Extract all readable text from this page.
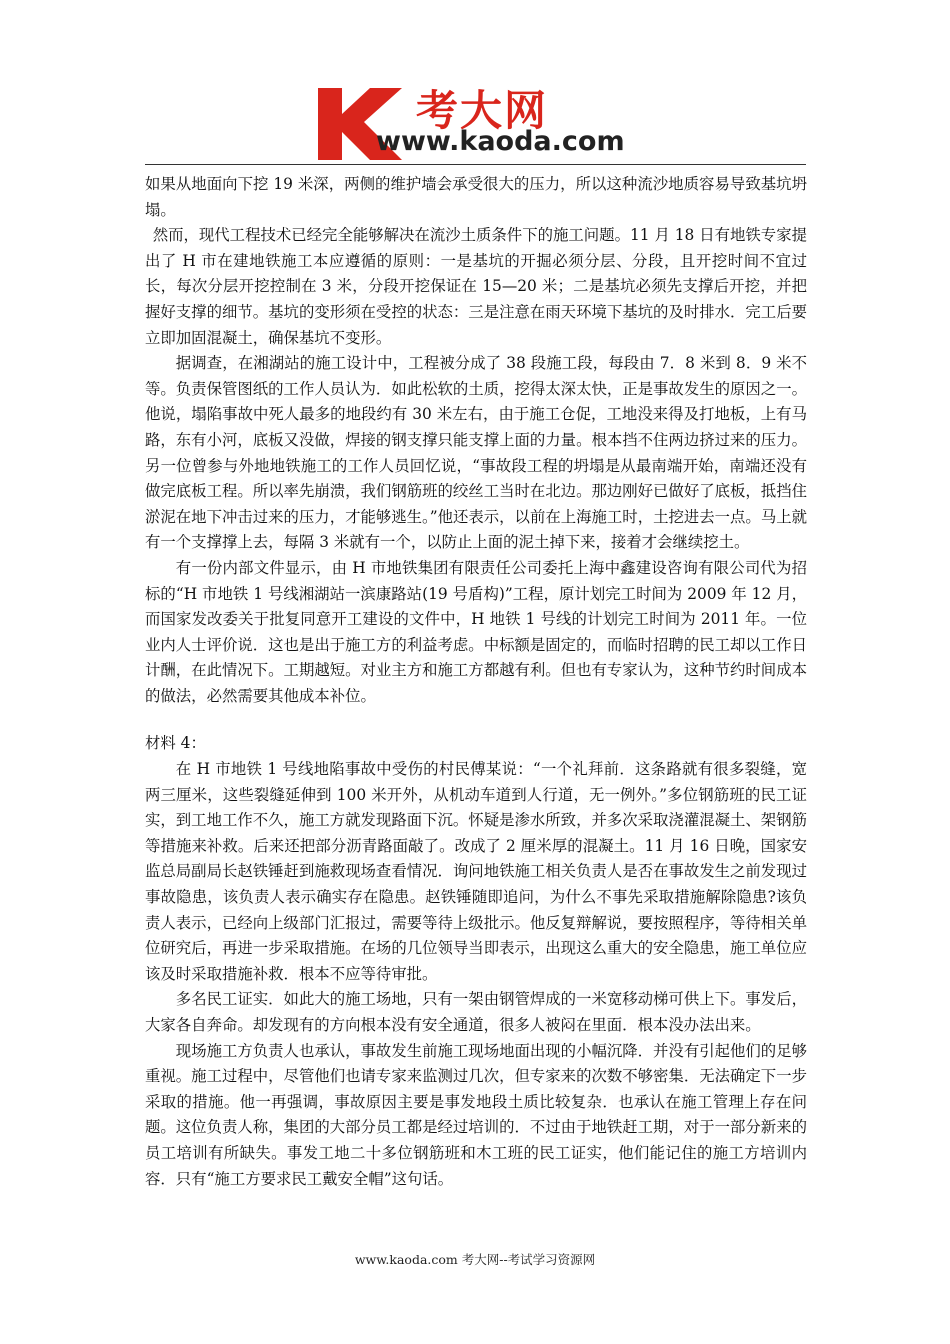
考大网
www.kaoda.com

如果从地面向下挖 19 米深，两侧的维护墙会承受很大的压力，所以这种流沙地质容易导致基坑坍塌。

然而，现代工程技术已经完全能够解决在流沙土质条件下的施工问题。11 月 18 日有地铁专家提出了 H 市在建地铁施工本应遵循的原则：一是基坑的开掘必须分层、分段，且开挖时间不宜过长，每次分层开挖控制在 3 米，分段开挖保证在 15—20 米；二是基坑必须先支撑后开挖，并把握好支撑的细节。基坑的变形须在受控的状态：三是注意在雨天环境下基坑的及时排水．完工后要立即加固混凝土，确保基坑不变形。

据调查，在湘湖站的施工设计中，工程被分成了 38 段施工段，每段由 7．8 米到 8．9 米不等。负责保管图纸的工作人员认为．如此松软的土质，挖得太深太快，正是事故发生的原因之一。他说，塌陷事故中死人最多的地段约有 30 米左右，由于施工仓促，工地没来得及打地板，上有马路，东有小河，底板又没做，焊接的钢支撑只能支撑上面的力量。根本挡不住两边挤过来的压力。另一位曾参与外地地铁施工的工作人员回忆说，“事故段工程的坍塌是从最南端开始，南端还没有做完底板工程。所以率先崩溃，我们钢筋班的绞丝工当时在北边。那边刚好已做好了底板，抵挡住淤泥在地下冲击过来的压力，才能够逃生。”他还表示，以前在上海施工时，土挖进去一点。马上就有一个支撑撑上去，每隔 3 米就有一个，以防止上面的泥土掉下来，接着才会继续挖土。

有一份内部文件显示，由 H 市地铁集团有限责任公司委托上海中鑫建设咨询有限公司代为招标的“H 市地铁 1 号线湘湖站一滨康路站(19 号盾构)”工程，原计划完工时间为 2009 年 12 月，而国家发改委关于批复同意开工建设的文件中，H 地铁 1 号线的计划完工时间为 2011 年。一位业内人士评价说．这也是出于施工方的利益考虑。中标额是固定的，而临时招聘的民工却以工作日计酬，在此情况下。工期越短。对业主方和施工方都越有利。但也有专家认为，这种节约时间成本的做法，必然需要其他成本补位。

材料 4：

在 H 市地铁 1 号线地陷事故中受伤的村民傅某说：“一个礼拜前．这条路就有很多裂缝，宽两三厘米，这些裂缝延伸到 100 米开外，从机动车道到人行道，无一例外。”多位钢筋班的民工证实，到工地工作不久，施工方就发现路面下沉。怀疑是渗水所致，并多次采取浇灌混凝土、架钢筋等措施来补救。后来还把部分沥青路面敲了。改成了 2 厘米厚的混凝土。11 月 16 日晚，国家安监总局副局长赵铁锤赶到施救现场查看情况．询问地铁施工相关负责人是否在事故发生之前发现过事故隐患，该负责人表示确实存在隐患。赵铁锤随即追问，为什么不事先采取措施解除隐患?该负责人表示，已经向上级部门汇报过，需要等待上级批示。他反复辩解说，要按照程序，等待相关单位研究后，再进一步采取措施。在场的几位领导当即表示，出现这么重大的安全隐患，施工单位应该及时采取措施补救．根本不应等待审批。

多名民工证实．如此大的施工场地，只有一架由钢管焊成的一米宽移动梯可供上下。事发后，大家各自奔命。却发现有的方向根本没有安全通道，很多人被闷在里面．根本没办法出来。

现场施工方负责人也承认，事故发生前施工现场地面出现的小幅沉降．并没有引起他们的足够重视。施工过程中，尽管他们也请专家来监测过几次，但专家来的次数不够密集．无法确定下一步采取的措施。他一再强调，事故原因主要是事发地段土质比较复杂．也承认在施工管理上存在问题。这位负责人称，集团的大部分员工都是经过培训的．不过由于地铁赶工期，对于一部分新来的员工培训有所缺失。事发工地二十多位钢筋班和木工班的民工证实，他们能记住的施工方培训内容．只有“施工方要求民工戴安全帽”这句话。

www.kaoda.com 考大网--考试学习资源网
